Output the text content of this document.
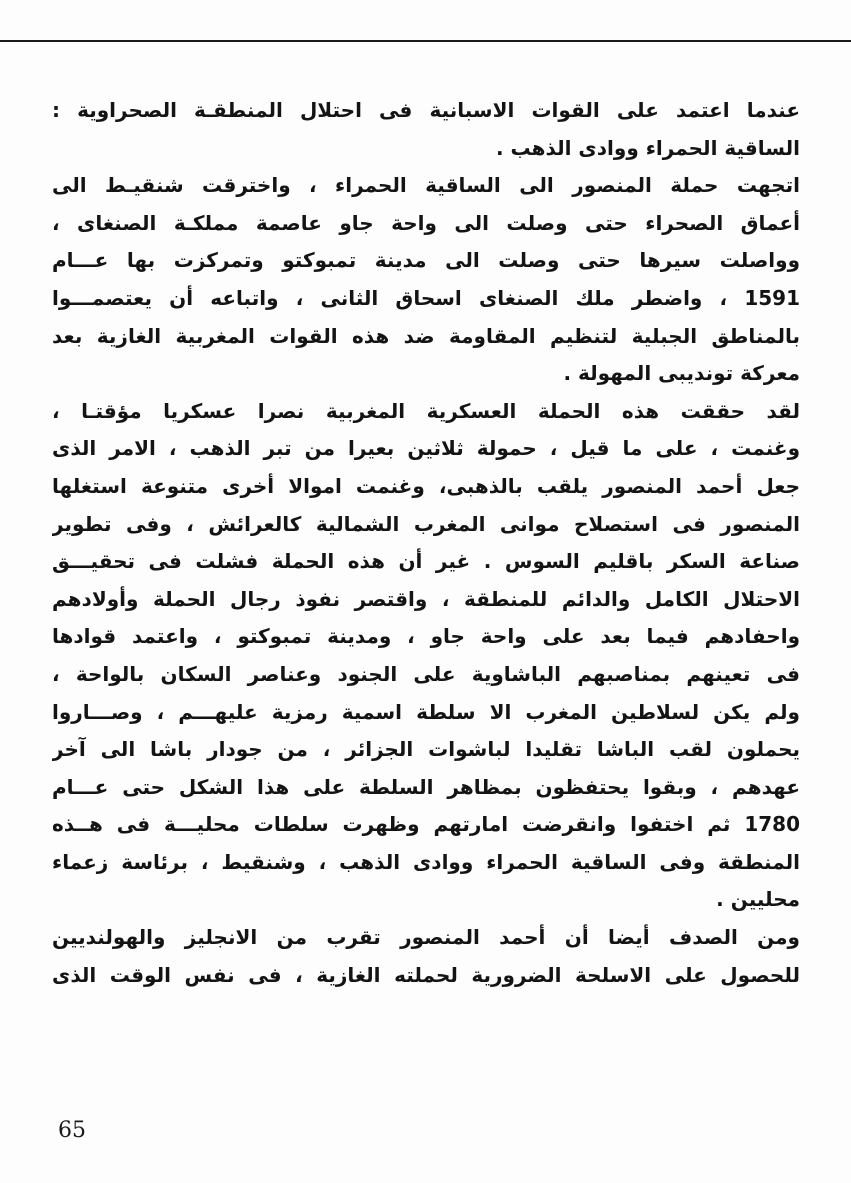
عندما اعتمد على القوات الاسبانية فى احتلال المنطقـة الصحراوية :
الساقية الحمراء ووادى الذهب .
اتجهت حملة المنصور الى الساقية الحمراء ، واخترقت شنقيـط الى
أعماق الصحراء حتى وصلت الى واحة جاو عاصمة مملكـة الصنغاى ،
وواصلت سيرها حتى وصلت الى مدينة تمبوكتو وتمركزت بها عـــام
1591 ، واضطر ملك الصنغاى اسحاق الثانى ، واتباعه أن يعتصمـــوا
بالمناطق الجبلية لتنظيم المقاومة ضد هذه القوات المغربية الغازية بعد
معركة توندیبی المهولة .
لقد حققت هذه الحملة العسكرية المغربية نصرا عسكريا مؤقتـا ،
وغنمت ، على ما قيل ، حمولة ثلاثين بعيرا من تبر الذهب ، الامر الذى
جعل أحمد المنصور يلقب بالذهبى، وغنمت اموالا أخرى متنوعة استغلها
المنصور فى استصلاح موانى المغرب الشمالية كالعرائش ، وفى تطوير
صناعة السكر باقليم السوس . غير أن هذه الحملة فشلت فى تحقيـــق
الاحتلال الكامل والدائم للمنطقة ، واقتصر نفوذ رجال الحملة وأولادهم
واحفادهم فيما بعد على واحة جاو ، ومدينة تمبوكتو ، واعتمد قوادها
فى تعينهم بمناصبهم الباشاوية على الجنود وعناصر السكان بالواحة ،
ولم يكن لسلاطين المغرب الا سلطة اسمية رمزية عليهـــم ، وصـــاروا
يحملون لقب الباشا تقليدا لباشوات الجزائر ، من جودار باشا الى آخر
عهدهم ، وبقوا يحتفظون بمظاهر السلطة على هذا الشكل حتى عـــام
1780 ثم اختفوا وانقرضت امارتهم وظهرت سلطات محليـــة فى هــذه
المنطقة وفى الساقية الحمراء ووادى الذهب ، وشنقيط ، برئاسة زعماء
محليين .
ومن الصدف أيضا أن أحمد المنصور تقرب من الانجليز والهولنديين
للحصول على الاسلحة الضرورية لحملته الغازية ، فى نفس الوقت الذى
65
